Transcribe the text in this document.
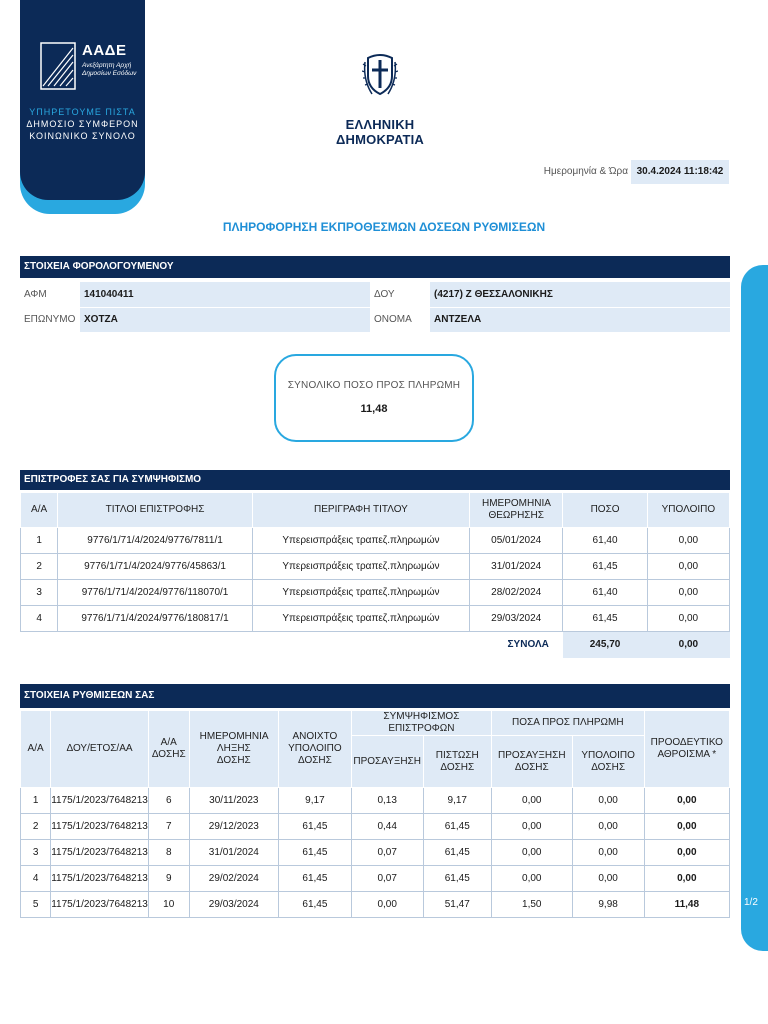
ΑΑΔΕ
Ανεξάρτητη Αρχή Δημοσίων Εσόδων
ΥΠΗΡΕΤΟΥΜΕ ΠΙΣΤΑ
ΔΗΜΟΣΙΟ ΣΥΜΦΕΡΟΝ
ΚΟΙΝΩΝΙΚΟ ΣΥΝΟΛΟ
ΕΛΛΗΝΙΚΗ ΔΗΜΟΚΡΑΤΙΑ
Ημερομηνία & Ώρα 30.4.2024 11:18:42
ΠΛΗΡΟΦΟΡΗΣΗ ΕΚΠΡΟΘΕΣΜΩΝ ΔΟΣΕΩΝ ΡΥΘΜΙΣΕΩΝ
1/2
ΣΤΟΙΧΕΙΑ ΦΟΡΟΛΟΓΟΥΜΕΝΟΥ
ΑΦΜ	141040411	ΔΟΥ	(4217) Ζ ΘΕΣΣΑΛΟΝΙΚΗΣ
ΕΠΩΝΥΜΟ	ΧΟΤΖΑ	ΟΝΟΜΑ	ΑΝΤΖΕΛΑ
ΣΥΝΟΛΙΚΟ ΠΟΣΟ ΠΡΟΣ ΠΛΗΡΩΜΗ
11,48
ΕΠΙΣΤΡΟΦΕΣ ΣΑΣ ΓΙΑ ΣΥΜΨΗΦΙΣΜΟ
Α/Α	ΤΙΤΛΟΙ ΕΠΙΣΤΡΟΦΗΣ	ΠΕΡΙΓΡΑΦΗ ΤΙΤΛΟΥ	ΗΜΕΡΟΜΗΝΙΑ ΘΕΩΡΗΣΗΣ	ΠΟΣΟ	ΥΠΟΛΟΙΠΟ
1	9776/1/71/4/2024/9776/7811/1	Υπερεισπράξεις τραπεζ.πληρωμών	05/01/2024	61,40	0,00
2	9776/1/71/4/2024/9776/45863/1	Υπερεισπράξεις τραπεζ.πληρωμών	31/01/2024	61,45	0,00
3	9776/1/71/4/2024/9776/118070/1	Υπερεισπράξεις τραπεζ.πληρωμών	28/02/2024	61,40	0,00
4	9776/1/71/4/2024/9776/180817/1	Υπερεισπράξεις τραπεζ.πληρωμών	29/03/2024	61,45	0,00
ΣΥΝΟΛΑ				245,70	0,00
ΣΤΟΙΧΕΙΑ ΡΥΘΜΙΣΕΩΝ ΣΑΣ
Α/Α	ΔΟΥ/ΕΤΟΣ/ΑΑ	Α/Α ΔΟΣΗΣ	ΗΜΕΡΟΜΗΝΙΑ ΛΗΞΗΣ ΔΟΣΗΣ	ΑΝΟΙΧΤΟ ΥΠΟΛΟΙΠΟ ΔΟΣΗΣ	ΣΥΜΨΗΦΙΣΜΟΣ ΕΠΙΣΤΡΟΦΩΝ		ΠΟΣΑ ΠΡΟΣ ΠΛΗΡΩΜΗ		ΠΡΟΟΔΕΥΤΙΚΟ ΑΘΡΟΙΣΜΑ *
					ΠΡΟΣΑΥΞΗΣΗ	ΠΙΣΤΩΣΗ ΔΟΣΗΣ	ΠΡΟΣΑΥΞΗΣΗ ΔΟΣΗΣ	ΥΠΟΛΟΙΠΟ ΔΟΣΗΣ	
1	1175/1/2023/7648213	6	30/11/2023	9,17	0,13	9,17	0,00	0,00	0,00
2	1175/1/2023/7648213	7	29/12/2023	61,45	0,44	61,45	0,00	0,00	0,00
3	1175/1/2023/7648213	8	31/01/2024	61,45	0,07	61,45	0,00	0,00	0,00
4	1175/1/2023/7648213	9	29/02/2024	61,45	0,07	61,45	0,00	0,00	0,00
5	1175/1/2023/7648213	10	29/03/2024	61,45	0,00	51,47	1,50	9,98	11,48
